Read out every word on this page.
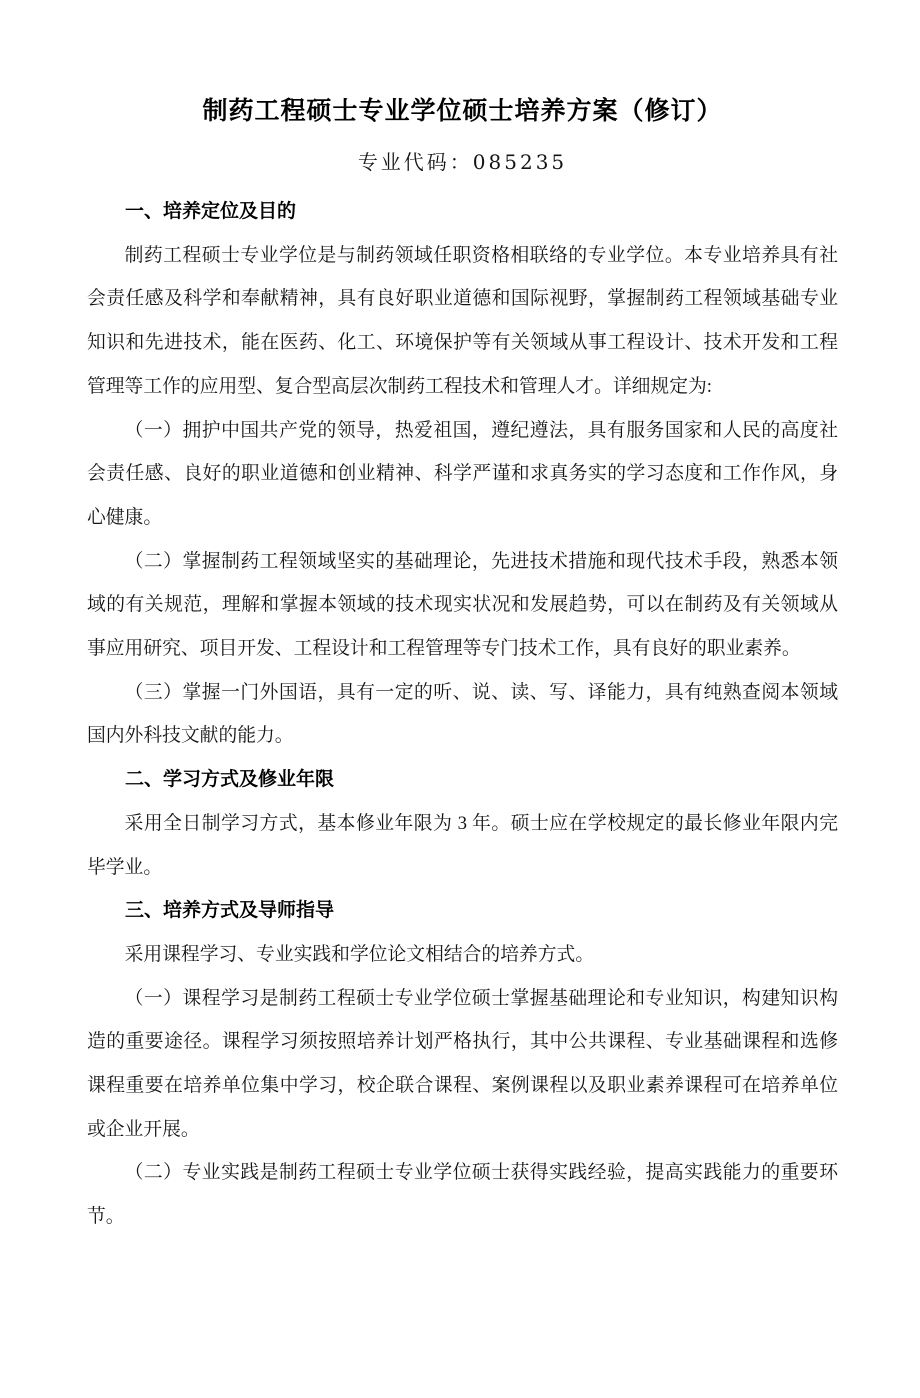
制药工程硕士专业学位硕士培养方案（修订）
专业代码：085235
一、培养定位及目的

制药工程硕士专业学位是与制药领域任职资格相联络的专业学位。本专业培养具有社会责任感及科学和奉献精神，具有良好职业道德和国际视野，掌握制药工程领域基础专业知识和先进技术，能在医药、化工、环境保护等有关领域从事工程设计、技术开发和工程管理等工作的应用型、复合型高层次制药工程技术和管理人才。详细规定为:

（一）拥护中国共产党的领导，热爱祖国，遵纪遵法，具有服务国家和人民的高度社会责任感、良好的职业道德和创业精神、科学严谨和求真务实的学习态度和工作作风，身心健康。

（二）掌握制药工程领域坚实的基础理论，先进技术措施和现代技术手段，熟悉本领域的有关规范，理解和掌握本领域的技术现实状况和发展趋势，可以在制药及有关领域从事应用研究、项目开发、工程设计和工程管理等专门技术工作，具有良好的职业素养。

（三）掌握一门外国语，具有一定的听、说、读、写、译能力，具有纯熟查阅本领域国内外科技文献的能力。

二、学习方式及修业年限

采用全日制学习方式，基本修业年限为 3 年。硕士应在学校规定的最长修业年限内完毕学业。

三、培养方式及导师指导

采用课程学习、专业实践和学位论文相结合的培养方式。

（一）课程学习是制药工程硕士专业学位硕士掌握基础理论和专业知识，构建知识构造的重要途径。课程学习须按照培养计划严格执行，其中公共课程、专业基础课程和选修课程重要在培养单位集中学习，校企联合课程、案例课程以及职业素养课程可在培养单位或企业开展。

（二）专业实践是制药工程硕士专业学位硕士获得实践经验，提高实践能力的重要环节。
